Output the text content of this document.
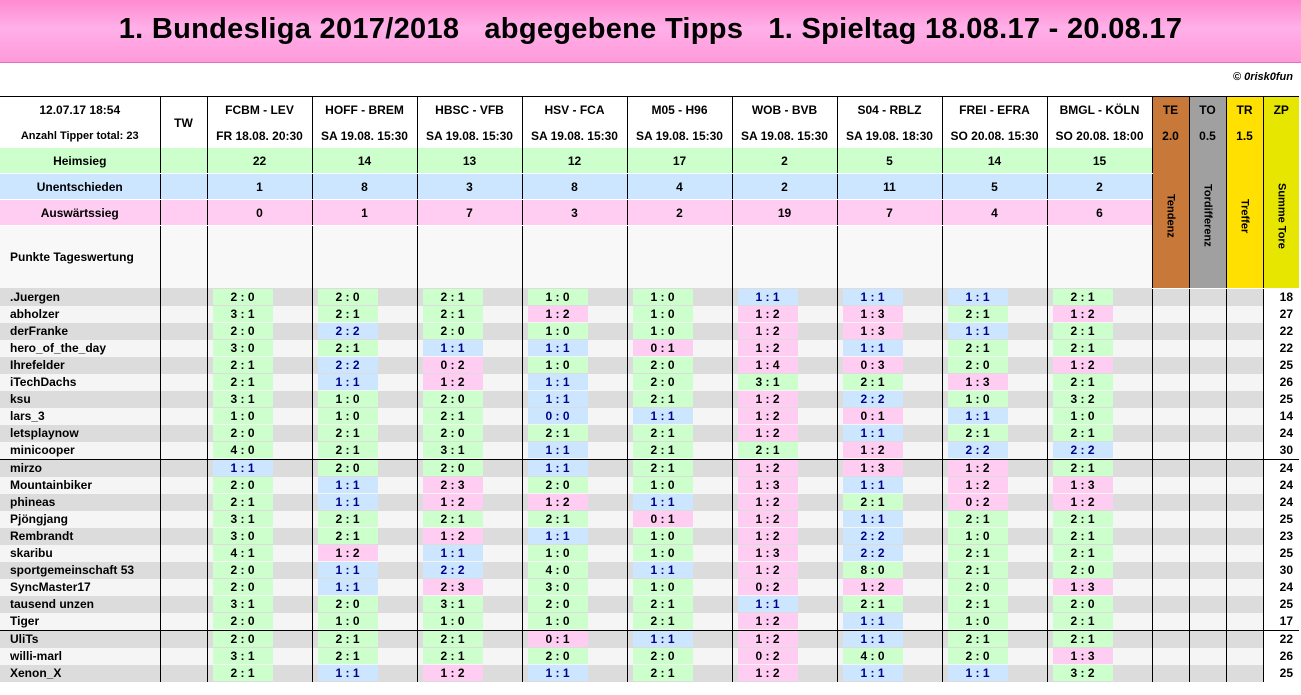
1. Bundesliga 2017/2018   abgegebene Tipps   1. Spieltag 18.08.17 - 20.08.17
© 0risk0fun
12.07.17 18:54	TW	FCBM - LEV	HOFF - BREM	HBSC - VFB	HSV - FCA	M05 - H96	WOB - BVB	S04 - RBLZ	FREI - EFRA	BMGL - KÖLN	TE	TO	TR	ZP
Anzahl Tipper total: 23		FR 18.08. 20:30	SA 19.08. 15:30	SA 19.08. 15:30	SA 19.08. 15:30	SA 19.08. 15:30	SA 19.08. 15:30	SA 19.08. 18:30	SO 20.08. 15:30	SO 20.08. 18:00	2.0	0.5	1.5	
Heimsieg		22	14	13	12	17	2	5	14	15	Tendenz	Tordifferenz	Treffer	Summe Tore
Unentschieden		1	8	3	8	4	2	11	5	2				
Auswärtssieg		0	1	7	3	2	19	7	4	6				
Punkte Tageswertung														
.Juergen		2 : 0	2 : 0	2 : 1	1 : 0	1 : 0	1 : 1	1 : 1	1 : 1	2 : 1				18
abholzer		3 : 1	2 : 1	2 : 1	1 : 2	1 : 0	1 : 2	1 : 3	2 : 1	1 : 2				27
derFranke		2 : 0	2 : 2	2 : 0	1 : 0	1 : 0	1 : 2	1 : 3	1 : 1	2 : 1				22
hero_of_the_day		3 : 0	2 : 1	1 : 1	1 : 1	0 : 1	1 : 2	1 : 1	2 : 1	2 : 1				22
Ihrefelder		2 : 1	2 : 2	0 : 2	1 : 0	2 : 0	1 : 4	0 : 3	2 : 0	1 : 2				25
iTechDachs		2 : 1	1 : 1	1 : 2	1 : 1	2 : 0	3 : 1	2 : 1	1 : 3	2 : 1				26
ksu		3 : 1	1 : 0	2 : 0	1 : 1	2 : 1	1 : 2	2 : 2	1 : 0	3 : 2				25
lars_3		1 : 0	1 : 0	2 : 1	0 : 0	1 : 1	1 : 2	0 : 1	1 : 1	1 : 0				14
letsplaynow		2 : 0	2 : 1	2 : 0	2 : 1	2 : 1	1 : 2	1 : 1	2 : 1	2 : 1				24
minicooper		4 : 0	2 : 1	3 : 1	1 : 1	2 : 1	2 : 1	1 : 2	2 : 2	2 : 2				30
mirzo		1 : 1	2 : 0	2 : 0	1 : 1	2 : 1	1 : 2	1 : 3	1 : 2	2 : 1				24
Mountainbiker		2 : 0	1 : 1	2 : 3	2 : 0	1 : 0	1 : 3	1 : 1	1 : 2	1 : 3				24
phineas		2 : 1	1 : 1	1 : 2	1 : 2	1 : 1	1 : 2	2 : 1	0 : 2	1 : 2				24
Pjöngjang		3 : 1	2 : 1	2 : 1	2 : 1	0 : 1	1 : 2	1 : 1	2 : 1	2 : 1				25
Rembrandt		3 : 0	2 : 1	1 : 2	1 : 1	1 : 0	1 : 2	2 : 2	1 : 0	2 : 1				23
skaribu		4 : 1	1 : 2	1 : 1	1 : 0	1 : 0	1 : 3	2 : 2	2 : 1	2 : 1				25
sportgemeinschaft 53		2 : 0	1 : 1	2 : 2	4 : 0	1 : 1	1 : 2	8 : 0	2 : 1	2 : 0				30
SyncMaster17		2 : 0	1 : 1	2 : 3	3 : 0	1 : 0	0 : 2	1 : 2	2 : 0	1 : 3				24
tausend unzen		3 : 1	2 : 0	3 : 1	2 : 0	2 : 1	1 : 1	2 : 1	2 : 1	2 : 0				25
Tiger		2 : 0	1 : 0	1 : 0	1 : 0	2 : 1	1 : 2	1 : 1	1 : 0	2 : 1				17
UliTs		2 : 0	2 : 1	2 : 1	0 : 1	1 : 1	1 : 2	1 : 1	2 : 1	2 : 1				22
willi-marl		3 : 1	2 : 1	2 : 1	2 : 0	2 : 0	0 : 2	4 : 0	2 : 0	1 : 3				26
Xenon_X		2 : 1	1 : 1	1 : 2	1 : 1	2 : 1	1 : 2	1 : 1	1 : 1	3 : 2				25
